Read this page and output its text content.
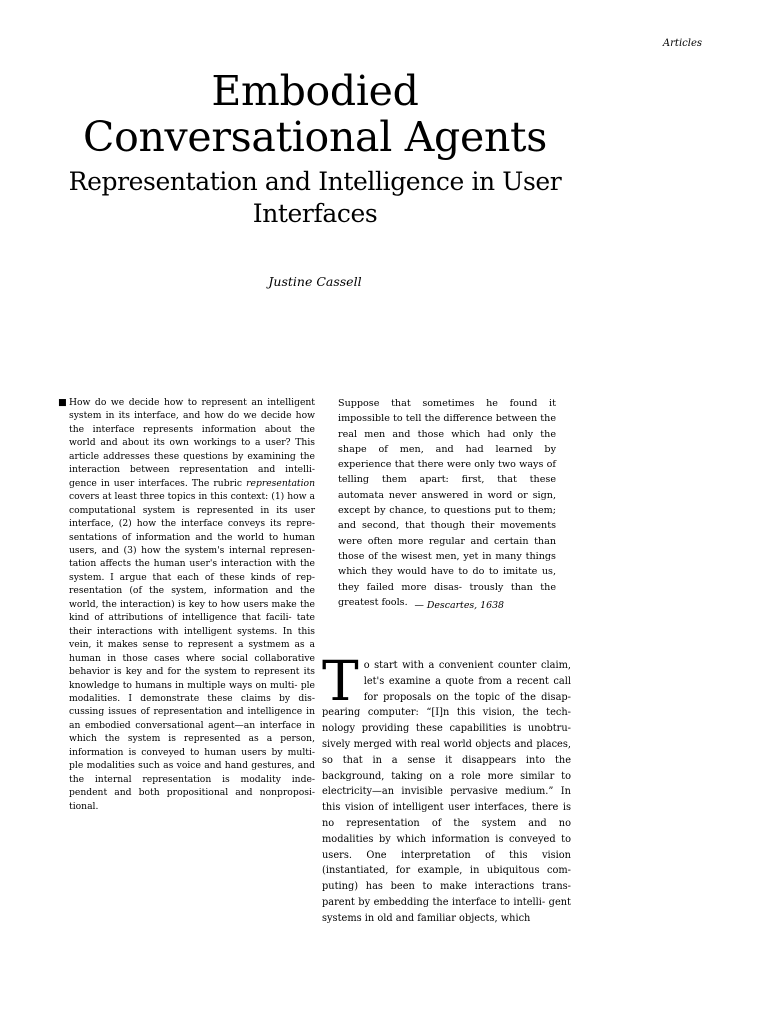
Articles
Embodied Conversational Agents
Representation and Intelligence in User Interfaces
Justine Cassell
■ How do we decide how to represent an intelligent system in its interface, and how do we decide how the interface represents information about the world and about its own workings to a user? This article addresses these questions by examining the interaction between representation and intelli- gence in user interfaces. The rubric representation covers at least three topics in this context: (1) how a computational system is represented in its user interface, (2) how the interface conveys its repre- sentations of information and the world to human users, and (3) how the system's internal represen- tation affects the human user's interaction with the system. I argue that each of these kinds of rep- resentation (of the system, information and the world, the interaction) is key to how users make the kind of attributions of intelligence that facili- tate their interactions with intelligent systems. In this vein, it makes sense to represent a systmem as a human in those cases where social collaborative behavior is key and for the system to represent its knowledge to humans in multiple ways on multi- ple modalities. I demonstrate these claims by dis- cussing issues of representation and intelligence in an embodied conversational agent—an interface in which the system is represented as a person, information is conveyed to human users by multi- ple modalities such as voice and hand gestures, and the internal representation is modality inde- pendent and both propositional and nonproposi- tional.
Suppose that sometimes he found it impossible to tell the difference between the real men and those which had only the shape of men, and had learned by experience that there were only two ways of telling them apart: first, that these automata never answered in word or sign, except by chance, to questions put to them; and second, that though their movements were often more regular and certain than those of the wisest men, yet in many things which they would have to do to imitate us, they failed more disas- trously than the greatest fools. — Descartes, 1638
To start with a convenient counter claim, let's examine a quote from a recent call for proposals on the topic of the disap- pearing computer: “[I]n this vision, the tech- nology providing these capabilities is unobtru- sively merged with real world objects and places, so that in a sense it disappears into the background, taking on a role more similar to electricity—an invisible pervasive medium.” In this vision of intelligent user interfaces, there is no representation of the system and no modalities by which information is conveyed to users. One interpretation of this vision (instantiated, for example, in ubiquitous com- puting) has been to make interactions trans- parent by embedding the interface to intelli- gent systems in old and familiar objects, which
